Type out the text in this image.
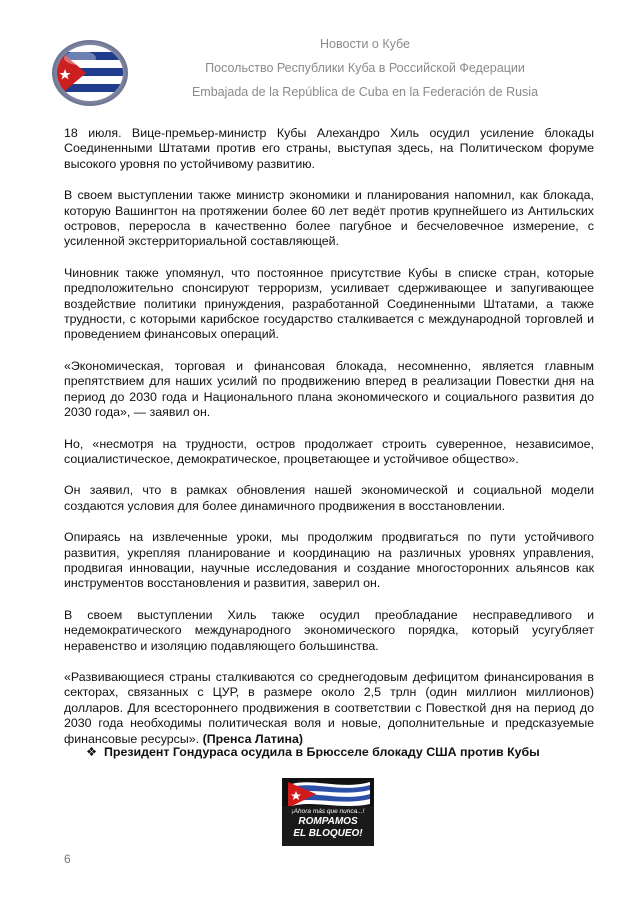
Новости о Кубе
Посольство Республики Куба в Российской Федерации
Embajada de la República de Cuba en la Federación de Rusia

18 июля. Вице-премьер-министр Кубы Алехандро Хиль осудил усиление блокады Соединенными Штатами против его страны, выступая здесь, на Политическом форуме высокого уровня по устойчивому развитию.

В своем выступлении также министр экономики и планирования напомнил, как блокада, которую Вашингтон на протяжении более 60 лет ведёт против крупнейшего из Антильских островов, переросла в качественно более пагубное и бесчеловечное измерение, с усиленной экстерриториальной составляющей.

Чиновник также упомянул, что постоянное присутствие Кубы в списке стран, которые предположительно спонсируют терроризм, усиливает сдерживающее и запугивающее воздействие политики принуждения, разработанной Соединенными Штатами, а также трудности, с которыми карибское государство сталкивается с международной торговлей и проведением финансовых операций.

«Экономическая, торговая и финансовая блокада, несомненно, является главным препятствием для наших усилий по продвижению вперед в реализации Повестки дня на период до 2030 года и Национального плана экономического и социального развития до 2030 года», — заявил он.

Но, «несмотря на трудности, остров продолжает строить суверенное, независимое, социалистическое, демократическое, процветающее и устойчивое общество».

Он заявил, что в рамках обновления нашей экономической и социальной модели создаются условия для более динамичного продвижения в восстановлении.

Опираясь на извлеченные уроки, мы продолжим продвигаться по пути устойчивого развития, укрепляя планирование и координацию на различных уровнях управления, продвигая инновации, научные исследования и создание многосторонних альянсов как инструментов восстановления и развития, заверил он.

В своем выступлении Хиль также осудил преобладание несправедливого и недемократического международного экономического порядка, который усугубляет неравенство и изоляцию подавляющего большинства.

«Развивающиеся страны сталкиваются со среднегодовым дефицитом финансирования в секторах, связанных с ЦУР, в размере около 2,5 трлн (один миллион миллионов) долларов. Для всестороннего продвижения в соответствии с Повесткой дня на период до 2030 года необходимы политическая воля и новые, дополнительные и предсказуемые финансовые ресурсы». (Пренса Латина)

❖ Президент Гондураса осудила в Брюсселе блокаду США против Кубы
¡Ahora más que nunca...!
ROMPAMOS
EL BLOQUEO!
6
